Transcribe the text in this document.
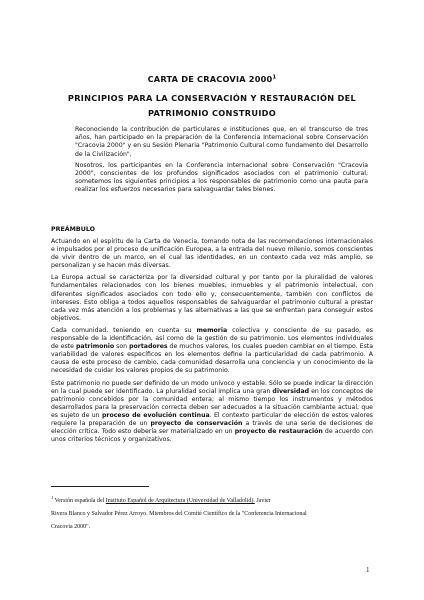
CARTA DE CRACOVIA 2000$^1$
PRINCIPIOS PARA LA CONSERVACIÓN Y RESTAURACIÓN DEL
PATRIMONIO CONSTRUIDO

Reconociendo la contribución de particulares e instituciones que, en el transcurso de tres años, han participado en la preparación de la Conferencia Internacional sobre Conservación "Cracovia 2000" y en su Sesión Plenaria "Patrimonio Cultural como fundamento del Desarrollo de la Civilización",

Nosotros, los participantes en la Conferencia Internacional sobre Conservación "Cracovia 2000", conscientes de los profundos significados asociados con el patrimonio cultural, sometemos los siguientes principios a los responsables de patrimonio como una pauta para realizar los esfuerzos necesarios para salvaguardar tales bienes.

PREÁMBULO

Actuando en el espíritu de la Carta de Venecia, tomando nota de las recomendaciones internacionales e impulsados por el proceso de unificación Europea, a la entrada del nuevo milenio, somos conscientes de vivir dentro de un marco, en el cual las identidades, en un contexto cada vez más amplio, se personalizan y se hacen más diversas.

La Europa actual se caracteriza por la diversidad cultural y por tanto por la pluralidad de valores fundamentales relacionados con los bienes muebles, inmuebles y el patrimonio intelectual, con diferentes significados asociados con todo ello y, consecuentemente, también con conflictos de intereses. Esto obliga a todos aquellos responsables de salvaguardar el patrimonio cultural a prestar cada vez más atención a los problemas y las alternativas a las que se enfrentan para conseguir estos objetivos.

Cada comunidad, teniendo en cuenta su memoria colectiva y consciente de su pasado, es responsable de la identificación, así como de la gestión de su patrimonio. Los elementos individuales de este patrimonio son portadores de muchos valores, los cuales pueden cambiar en el tiempo. Esta variabilidad de valores específicos en los elementos define la particularidad de cada patrimonio. A causa de este proceso de cambio, cada comunidad desarrolla una conciencia y un conocimiento de la necesidad de cuidar los valores propios de su patrimonio.

Este patrimonio no puede ser definido de un modo unívoco y estable. Sólo se puede indicar la dirección en la cual puede ser identificado. La pluralidad social implica una gran diversidad en los conceptos de patrimonio concebidos por la comunidad entera; al mismo tiempo los instrumentos y métodos desarrollados para la preservación correcta deben ser adecuados a la situación cambiante actual, que es sujeto de un proceso de evolución continua. El contexto particular de elección de estos valores requiere la preparación de un proyecto de conservación a través de una serie de decisiones de elección crítica. Todo esto debería ser materializado en un proyecto de restauración de acuerdo con unos criterios técnicos y organizativos.

$^1$ Versión española del Instituto Español de Arquitectura (Universidad de Valladolid). Javier
Rivera Blanco y Salvador Pérez Arroyo. Miembros del Comité Científico de la "Conferencia Internacional
Cracovia 2000".
1
